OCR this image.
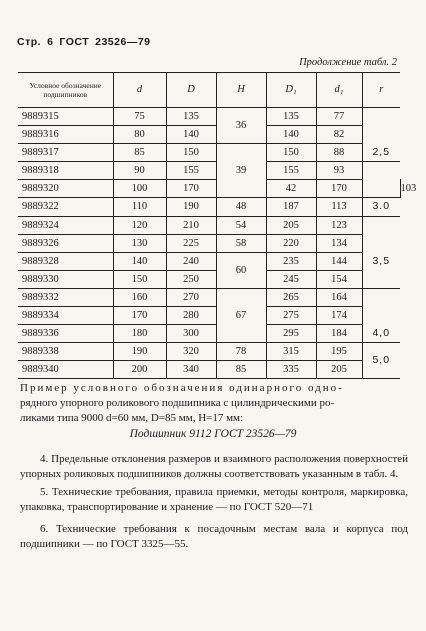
Стр. 6 ГОСТ 23526—79
Продолжение табл. 2
Условное обозначение подшипников	d	D	H	D₁	d₁	r	
9889315	75	135	36	135	77		
9889316	80	140		140	82		
9889317	85	150	39	150	88	2,5	
9889318	90	155		155	93		
9889320	100	170		42	170		103
9889322	110	190	48	187	113	3.0	
9889324	120	210	54	205	123		
9889326	130	225	58	220	134		
9889328	140	240	60	235	144	3,5	
9889330	150	250		245	154		
9889332	160	270	67	265	164		
9889334	170	280		275	174		
9889336	180	300		295	184	4,0	
9889338	190	320	78	315	195	5,0	
9889340	200	340	85	335	205		
Пример условного обозначения одинарного одно-
рядного упорного роликового подшипника с цилиндрическими ро-
ликами типа 9000 d=60 мм, D=85 мм, H=17 мм:
Подшипник 9112 ГОСТ 23526—79
4. Предельные отклонения размеров и взаимного расположения поверхностей упорных роликовых подшипников должны соответствовать указанным в табл. 4.
5. Технические требования, правила приемки, методы контроля, маркировка, упаковка, транспортирование и хранение — по ГОСТ 520—71
6. Технические требования к посадочным местам вала и корпуса под подшипники — по ГОСТ 3325—55.
